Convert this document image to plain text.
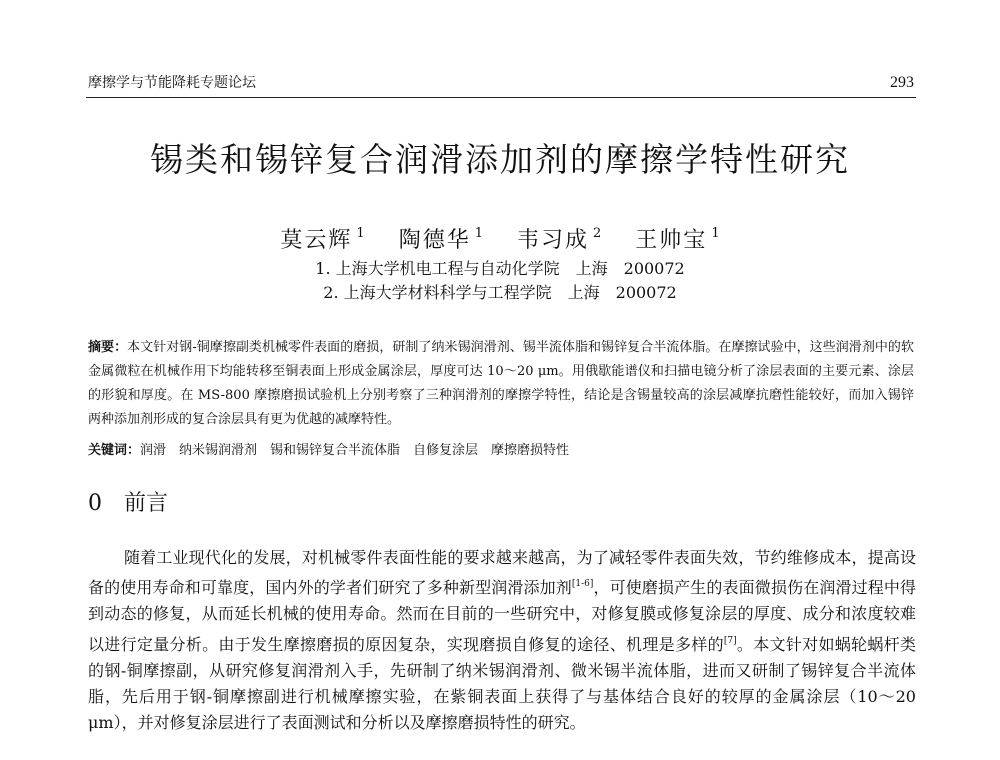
摩擦学与节能降耗专题论坛	293
锡类和锡锌复合润滑添加剂的摩擦学特性研究
莫云辉 $^1$ 陶德华 $^1$ 韦习成 $^2$ 王帅宝 $^1$
1. 上海大学机电工程与自动化学院　上海　200072
2. 上海大学材料科学与工程学院　上海　200072
摘要：本文针对钢-铜摩擦副类机械零件表面的磨损，研制了纳米锡润滑剂、锡半流体脂和锡锌复合半流体脂。在摩擦试验中，这些润滑剂中的软金属微粒在机械作用下均能转移至铜表面上形成金属涂层，厚度可达 10～20 μm。用俄歇能谱仪和扫描电镜分析了涂层表面的主要元素、涂层的形貌和厚度。在 MS-800 摩擦磨损试验机上分别考察了三种润滑剂的摩擦学特性，结论是含锡量较高的涂层减摩抗磨性能较好，而加入锡锌两种添加剂形成的复合涂层具有更为优越的减摩特性。
关键词：润滑　纳米锡润滑剂　锡和锡锌复合半流体脂　自修复涂层　摩擦磨损特性
0 前言
随着工业现代化的发展，对机械零件表面性能的要求越来越高，为了减轻零件表面失效，节约维修成本，提高设备的使用寿命和可靠度，国内外的学者们研究了多种新型润滑添加剂[1-6]，可使磨损产生的表面微损伤在润滑过程中得到动态的修复，从而延长机械的使用寿命。然而在目前的一些研究中，对修复膜或修复涂层的厚度、成分和浓度较难以进行定量分析。由于发生摩擦磨损的原因复杂，实现磨损自修复的途径、机理是多样的[7]。本文针对如蜗轮蜗杆类的钢-铜摩擦副，从研究修复润滑剂入手，先研制了纳米锡润滑剂、微米锡半流体脂，进而又研制了锡锌复合半流体脂，先后用于钢-铜摩擦副进行机械摩擦实验，在紫铜表面上获得了与基体结合良好的较厚的金属涂层（10～20 μm），并对修复涂层进行了表面测试和分析以及摩擦磨损特性的研究。
